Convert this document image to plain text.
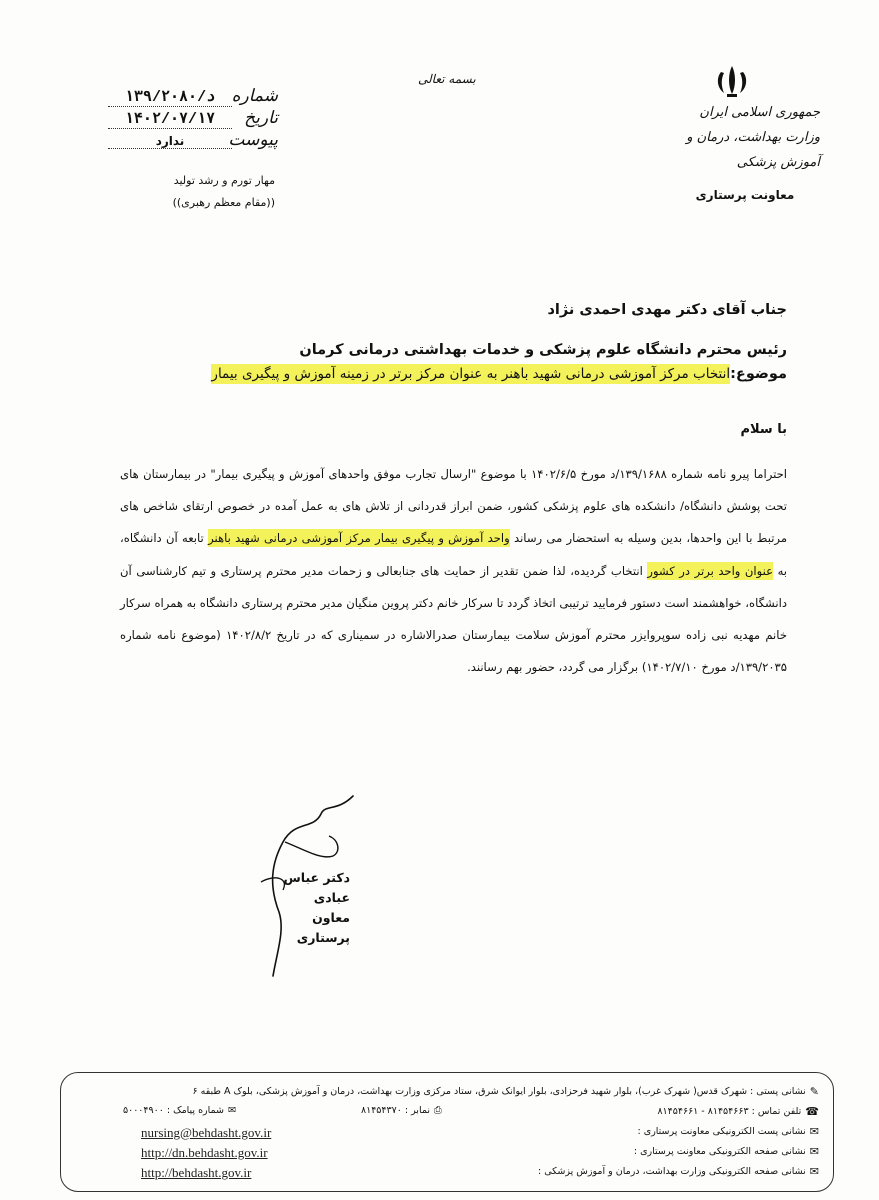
شماره
د/۱۳۹/۲۰۸۰
تاریخ
۱۴۰۲/۰۷/۱۷
پیوست
ندارد
مهار تورم و رشد تولید
((مقام معظم رهبری))
بسمه تعالی
جمهوری اسلامی ایران
وزارت بهداشت، درمان و آموزش پزشکی
معاونت پرستاری
جناب آقای دکتر مهدی احمدی نژاد
رئیس محترم دانشگاه علوم پزشکی و خدمات بهداشتی درمانی کرمان
موضوع:انتخاب مرکز آموزشی درمانی شهید باهنر به عنوان مرکز برتر در زمینه آموزش و پیگیری بیمار
با سلام
احتراما پیرو نامه شماره ۱۳۹/۱۶۸۸/د مورخ ۱۴۰۲/۶/۵ با موضوع "ارسال تجارب موفق واحدهای آموزش و پیگیری بیمار" در بیمارستان های تحت پوشش دانشگاه/ دانشکده های علوم پزشکی کشور، ضمن ابراز قدردانی از تلاش های به عمل آمده در خصوص ارتقای شاخص های مرتبط با این واحدها، بدین وسیله به استحضار می رساند واحد آموزش و پیگیری بیمار مرکز آموزشی درمانی شهید باهنر تابعه آن دانشگاه، به عنوان واحد برتر در کشور انتخاب گردیده، لذا ضمن تقدیر از حمایت های جنابعالی و زحمات مدیر محترم پرستاری و تیم کارشناسی آن دانشگاه، خواهشمند است دستور فرمایید ترتیبی اتخاذ گردد تا سرکار خانم دکتر پروین منگیان مدیر محترم پرستاری دانشگاه به همراه سرکار خانم مهدیه نبی زاده سوپروایزر محترم آموزش سلامت بیمارستان صدرالاشاره در سمیناری که در تاریخ ۱۴۰۲/۸/۲ (موضوع نامه شماره ۱۳۹/۲۰۳۵/د مورخ ۱۴۰۲/۷/۱۰) برگزار می گردد، حضور بهم رسانند.
دکتر عباس عبادی
معاون پرستاری
✎
نشانی پستی : شهرک قدس( شهرک غرب)، بلوار شهید فرحزادی، بلوار ایوانک شرق، ستاد مرکزی وزارت بهداشت، درمان و آموزش پزشکی، بلوک A طبقه ۶
☎
تلفن تماس : ۸۱۴۵۴۶۶۳ - ۸۱۴۵۴۶۶۱
⎙
نمابر : ۸۱۴۵۴۳۷۰
✉
شماره پیامک : ۵۰۰۰۴۹۰۰
✉
نشانی پست الکترونیکی معاونت پرستاری :
✉
نشانی صفحه الکترونیکی معاونت پرستاری :
✉
نشانی صفحه الکترونیکی وزارت بهداشت، درمان و آموزش پزشکی :
nursing@behdasht.gov.ir
http://dn.behdasht.gov.ir
http://behdasht.gov.ir
